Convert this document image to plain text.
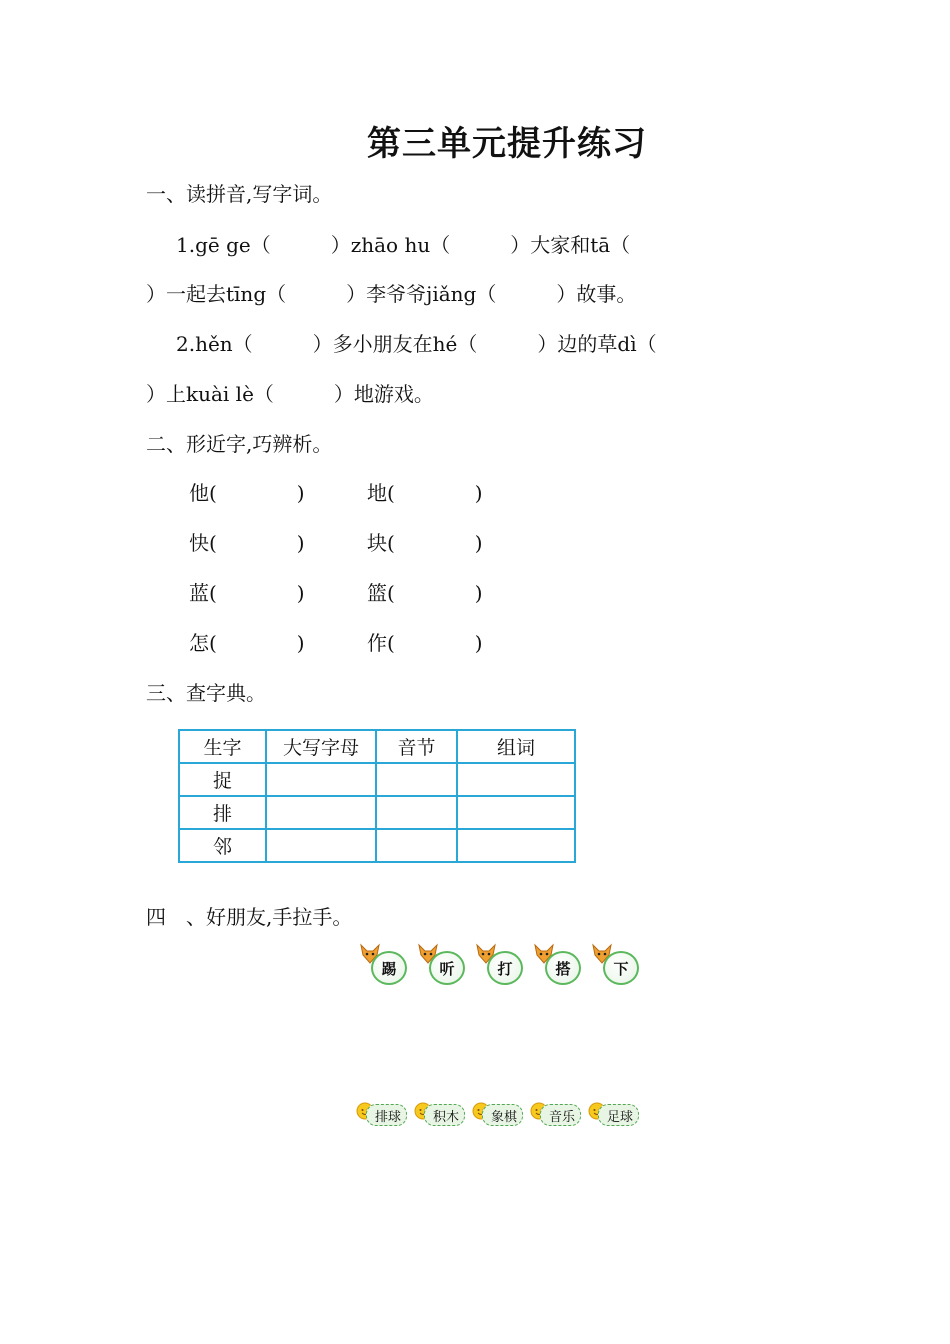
第三单元提升练习
一、读拼音,写字词。
1.gē ge（　　　）zhāo hu（　　　）大家和tā（
）一起去tīng（　　　）李爷爷jiǎng（　　　）故事。
2.hěn（　　　）多小朋友在hé（　　　）边的草dì（
）上kuài lè（　　　）地游戏。
二、形近字,巧辨析。
他(　　　　)	地(　　　　)
快(　　　　)	块(　　　　)
蓝(　　　　)	篮(　　　　)
怎(　　　　)	作(　　　　)
三、查字典。
生字	大写字母	音节	组词
捉			
排			
邻			
四　、好朋友,手拉手。
踢	听	打	搭	下
排球	积木	象棋	音乐	足球
